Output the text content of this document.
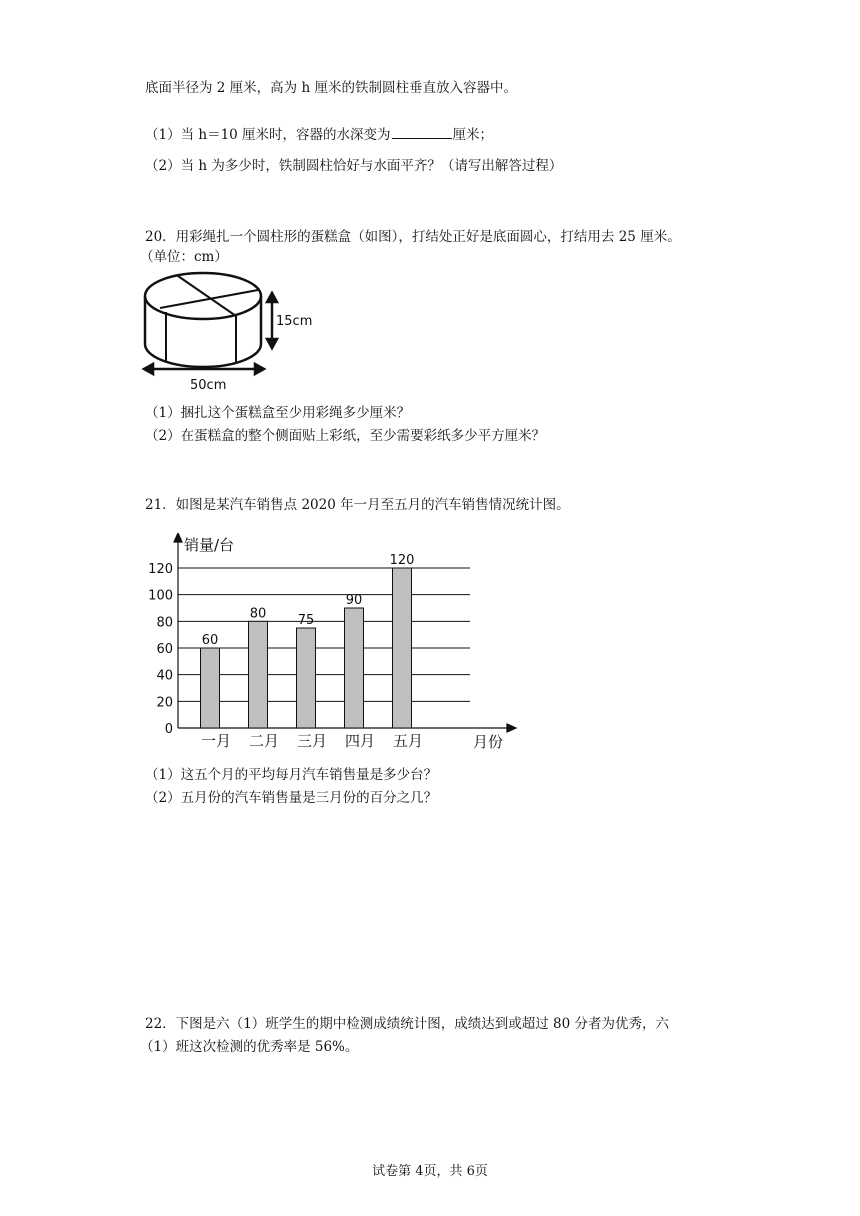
底面半径为 2 厘米，高为 h 厘米的铁制圆柱垂直放入容器中。
（1）当 h＝10 厘米时，容器的水深变为	厘米；
（2）当 h 为多少时，铁制圆柱恰好与水面平齐？（请写出解答过程）
20．用彩绳扎一个圆柱形的蛋糕盒（如图），打结处正好是底面圆心，打结用去 25 厘米。
（单位：cm）
15cm
50cm
（1）捆扎这个蛋糕盒至少用彩绳多少厘米？
（2）在蛋糕盒的整个侧面贴上彩纸，至少需要彩纸多少平方厘米？
21．如图是某汽车销售点 2020 年一月至五月的汽车销售情况统计图。
0
20
40
60
80
100
120
60
80 75
90
120
一月 二月 三月 四月 五月
销量/台
月份
（1）这五个月的平均每月汽车销售量是多少台？
（2）五月份的汽车销售量是三月份的百分之几？
22．下图是六（1）班学生的期中检测成绩统计图，成绩达到或超过 80 分者为优秀，六
（1）班这次检测的优秀率是 56%。
试卷第 4页，共 6页
